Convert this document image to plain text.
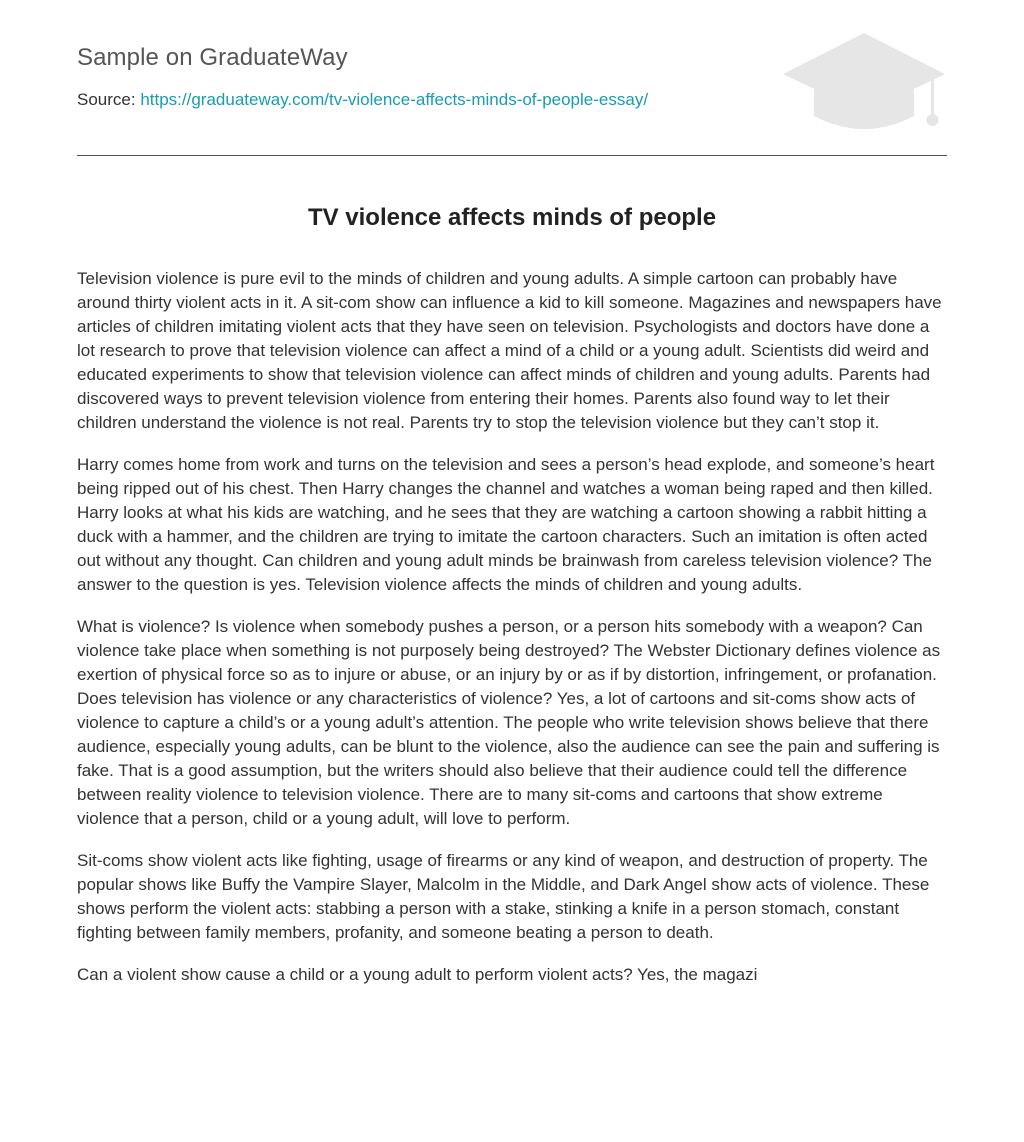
Sample on GraduateWay
Source: https://graduateway.com/tv-violence-affects-minds-of-people-essay/
TV violence affects minds of people

Television violence is pure evil to the minds of children and young adults. A simple cartoon can probably have around thirty violent acts in it. A sit-com show can influence a kid to kill someone. Magazines and newspapers have articles of children imitating violent acts that they have seen on television. Psychologists and doctors have done a lot research to prove that television violence can affect a mind of a child or a young adult. Scientists did weird and educated experiments to show that television violence can affect minds of children and young adults. Parents had discovered ways to prevent television violence from entering their homes. Parents also found way to let their children understand the violence is not real. Parents try to stop the television violence but they can’t stop it.

Harry comes home from work and turns on the television and sees a person’s head explode, and someone’s heart being ripped out of his chest. Then Harry changes the channel and watches a woman being raped and then killed. Harry looks at what his kids are watching, and he sees that they are watching a cartoon showing a rabbit hitting a duck with a hammer, and the children are trying to imitate the cartoon characters. Such an imitation is often acted out without any thought. Can children and young adult minds be brainwash from careless television violence? The answer to the question is yes. Television violence affects the minds of children and young adults.

What is violence? Is violence when somebody pushes a person, or a person hits somebody with a weapon? Can violence take place when something is not purposely being destroyed? The Webster Dictionary defines violence as exertion of physical force so as to injure or abuse, or an injury by or as if by distortion, infringement, or profanation. Does television has violence or any characteristics of violence? Yes, a lot of cartoons and sit-coms show acts of violence to capture a child’s or a young adult’s attention. The people who write television shows believe that there audience, especially young adults, can be blunt to the violence, also the audience can see the pain and suffering is fake. That is a good assumption, but the writers should also believe that their audience could tell the difference between reality violence to television violence. There are to many sit-coms and cartoons that show extreme violence that a person, child or a young adult, will love to perform.

Sit-coms show violent acts like fighting, usage of firearms or any kind of weapon, and destruction of property. The popular shows like Buffy the Vampire Slayer, Malcolm in the Middle, and Dark Angel show acts of violence. These shows perform the violent acts: stabbing a person with a stake, stinking a knife in a person stomach, constant fighting between family members, profanity, and someone beating a person to death.

Can a violent show cause a child or a young adult to perform violent acts? Yes, the magazi
